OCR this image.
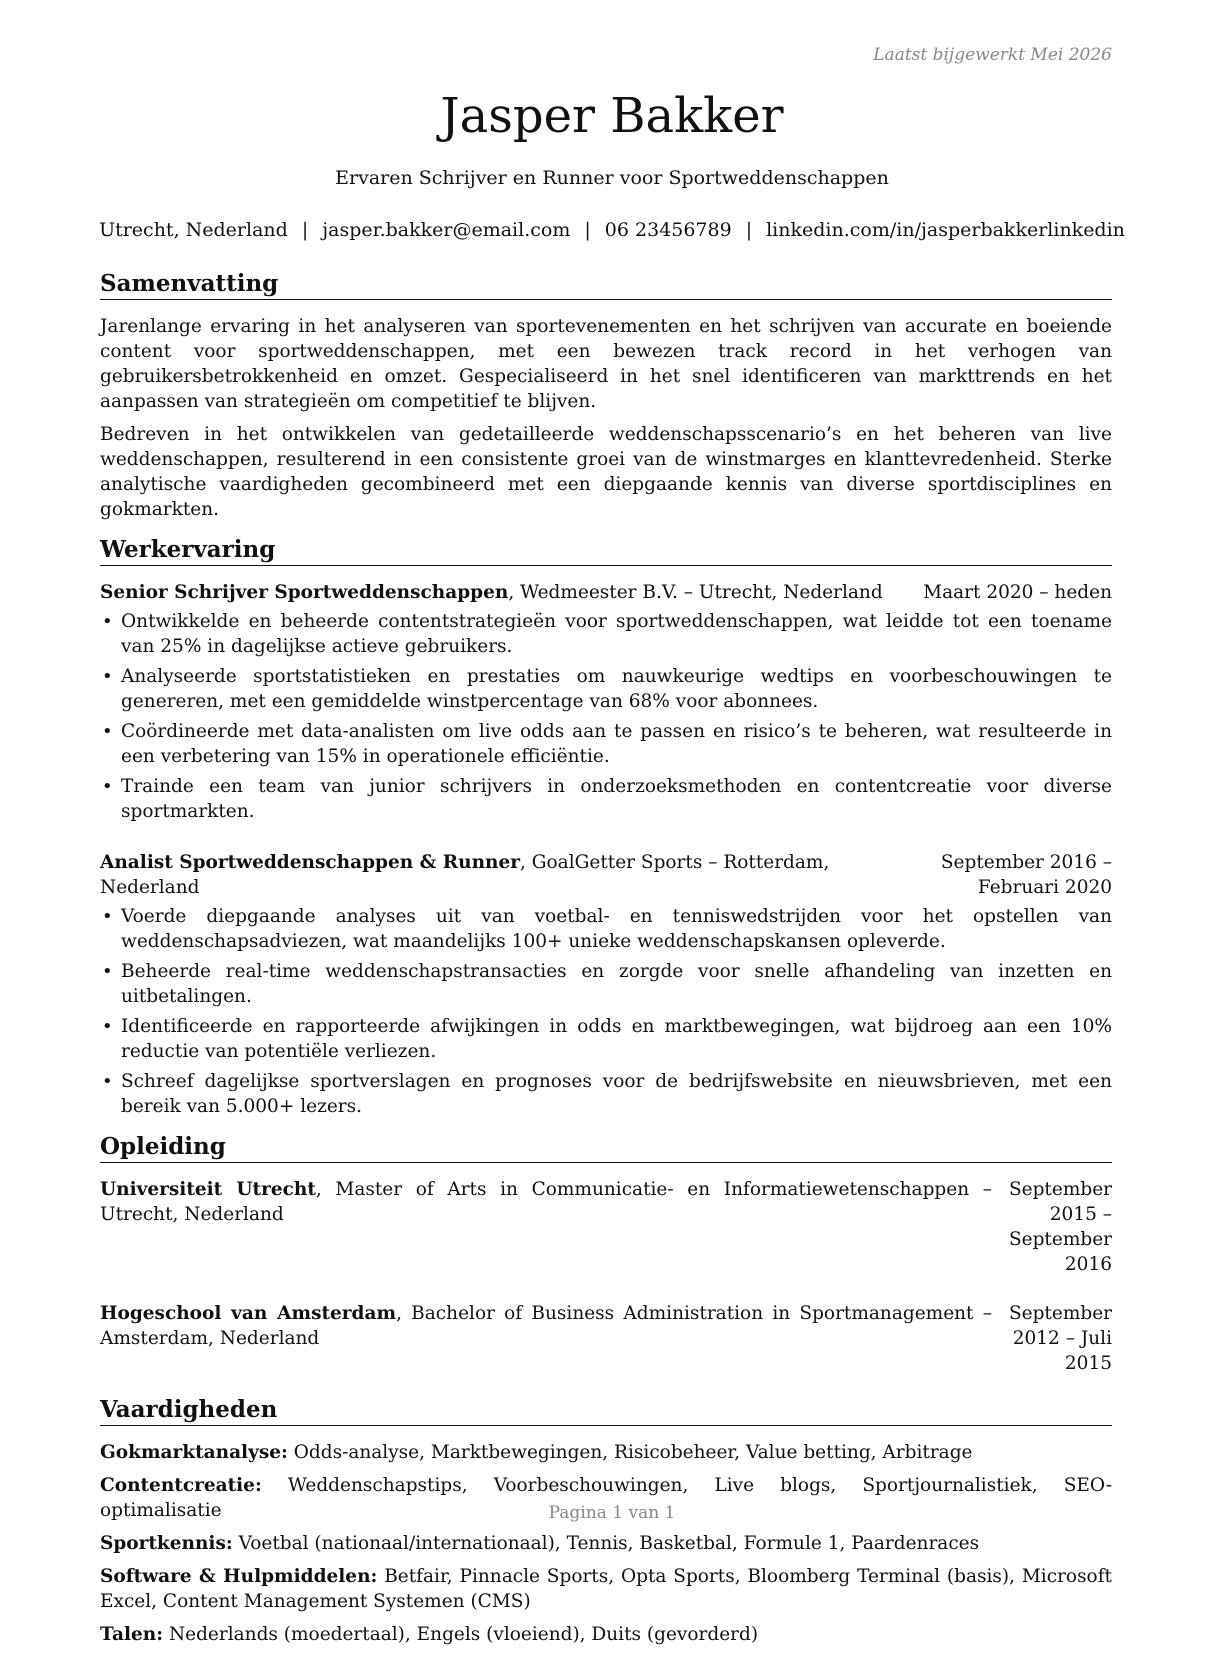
Laatst bijgewerkt Mei 2026
Jasper Bakker
Ervaren Schrijver en Runner voor Sportweddenschappen
Utrecht, Nederland | jasper.bakker@email.com | 06 23456789 | linkedin.com/in/jasperbakkerlinkedin
Samenvatting

Jarenlange ervaring in het analyseren van sportevenementen en het schrijven van accurate en boeiende content voor sportweddenschappen, met een bewezen track record in het verhogen van gebruikersbetrokkenheid en omzet. Gespecialiseerd in het snel identificeren van markttrends en het aanpassen van strategieën om competitief te blijven.

Bedreven in het ontwikkelen van gedetailleerde weddenschapsscenario’s en het beheren van live weddenschappen, resulterend in een consistente groei van de winstmarges en klanttevredenheid. Sterke analytische vaardigheden gecombineerd met een diepgaande kennis van diverse sportdisciplines en gokmarkten.

Werkervaring
Senior Schrijver Sportweddenschappen, Wedmeester B.V. – Utrecht, Nederland	Maart 2020 – heden
• Ontwikkelde en beheerde contentstrategieën voor sportweddenschappen, wat leidde tot een toename van 25% in dagelijkse actieve gebruikers.
• Analyseerde sportstatistieken en prestaties om nauwkeurige wedtips en voorbeschouwingen te genereren, met een gemiddelde winstpercentage van 68% voor abonnees.
• Coördineerde met data-analisten om live odds aan te passen en risico’s te beheren, wat resulteerde in een verbetering van 15% in operationele efficiëntie.
• Trainde een team van junior schrijvers in onderzoeksmethoden en contentcreatie voor diverse sportmarkten.
Analist Sportweddenschappen & Runner, GoalGetter Sports – Rotterdam, Nederland
September 2016 – Februari 2020
• Voerde diepgaande analyses uit van voetbal- en tenniswedstrijden voor het opstellen van weddenschapsadviezen, wat maandelijks 100+ unieke weddenschapskansen opleverde.
• Beheerde real-time weddenschapstransacties en zorgde voor snelle afhandeling van inzetten en uitbetalingen.
• Identificeerde en rapporteerde afwijkingen in odds en marktbewegingen, wat bijdroeg aan een 10% reductie van potentiële verliezen.
• Schreef dagelijkse sportverslagen en prognoses voor de bedrijfswebsite en nieuwsbrieven, met een bereik van 5.000+ lezers.
Opleiding
Universiteit Utrecht, Master of Arts in Communicatie- en Informatiewetenschappen – Utrecht, Nederland
September 2015 – September 2016
Hogeschool van Amsterdam, Bachelor of Business Administration in Sportmanagement – Amsterdam, Nederland
September 2012 – Juli 2015
Vaardigheden

Gokmarktanalyse: Odds-analyse, Marktbewegingen, Risicobeheer, Value betting, Arbitrage

Contentcreatie: Weddenschapstips, Voorbeschouwingen, Live blogs, Sportjournalistiek, SEO-optimalisatie

Sportkennis: Voetbal (nationaal/internationaal), Tennis, Basketbal, Formule 1, Paardenraces

Software & Hulpmiddelen: Betfair, Pinnacle Sports, Opta Sports, Bloomberg Terminal (basis), Microsoft Excel, Content Management Systemen (CMS)

Talen: Nederlands (moedertaal), Engels (vloeiend), Duits (gevorderd)

Pagina 1 van 1
